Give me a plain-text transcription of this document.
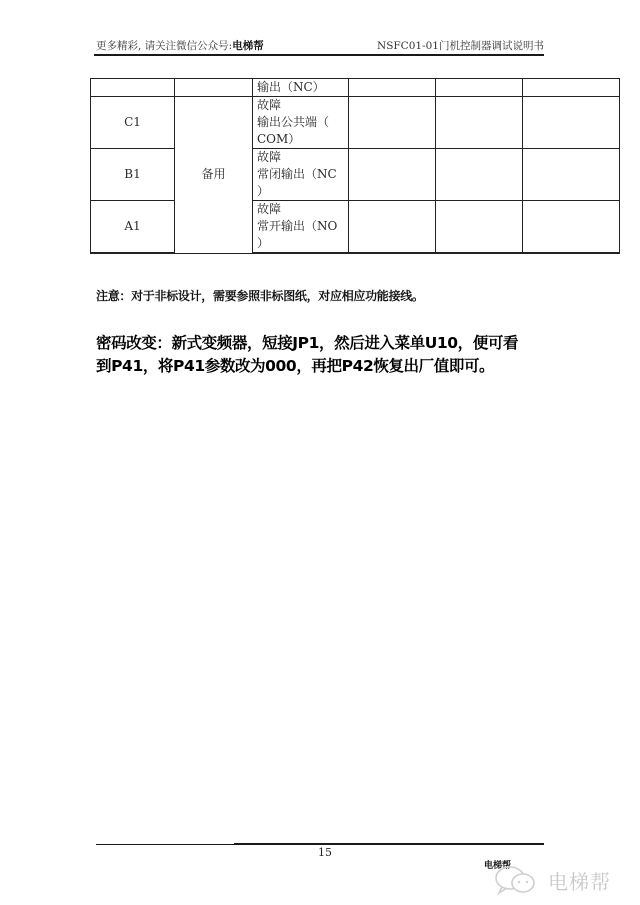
更多精彩, 请关注微信公众号:电梯帮	NSFC01-01门机控制器调试说明书
		输出（NC）			
C1	备用	故障
输出公共端（
COM）			

B1		故障
常闭输出（NC
）			

A1		故障
常开输出（NO
）			

注意：对于非标设计，需要参照非标图纸，对应相应功能接线。
密码改变：新式变频器，短接JP1，然后进入菜单U10，便可看
到P41，将P41参数改为000，再把P42恢复出厂值即可。
15
电梯帮
电梯帮
